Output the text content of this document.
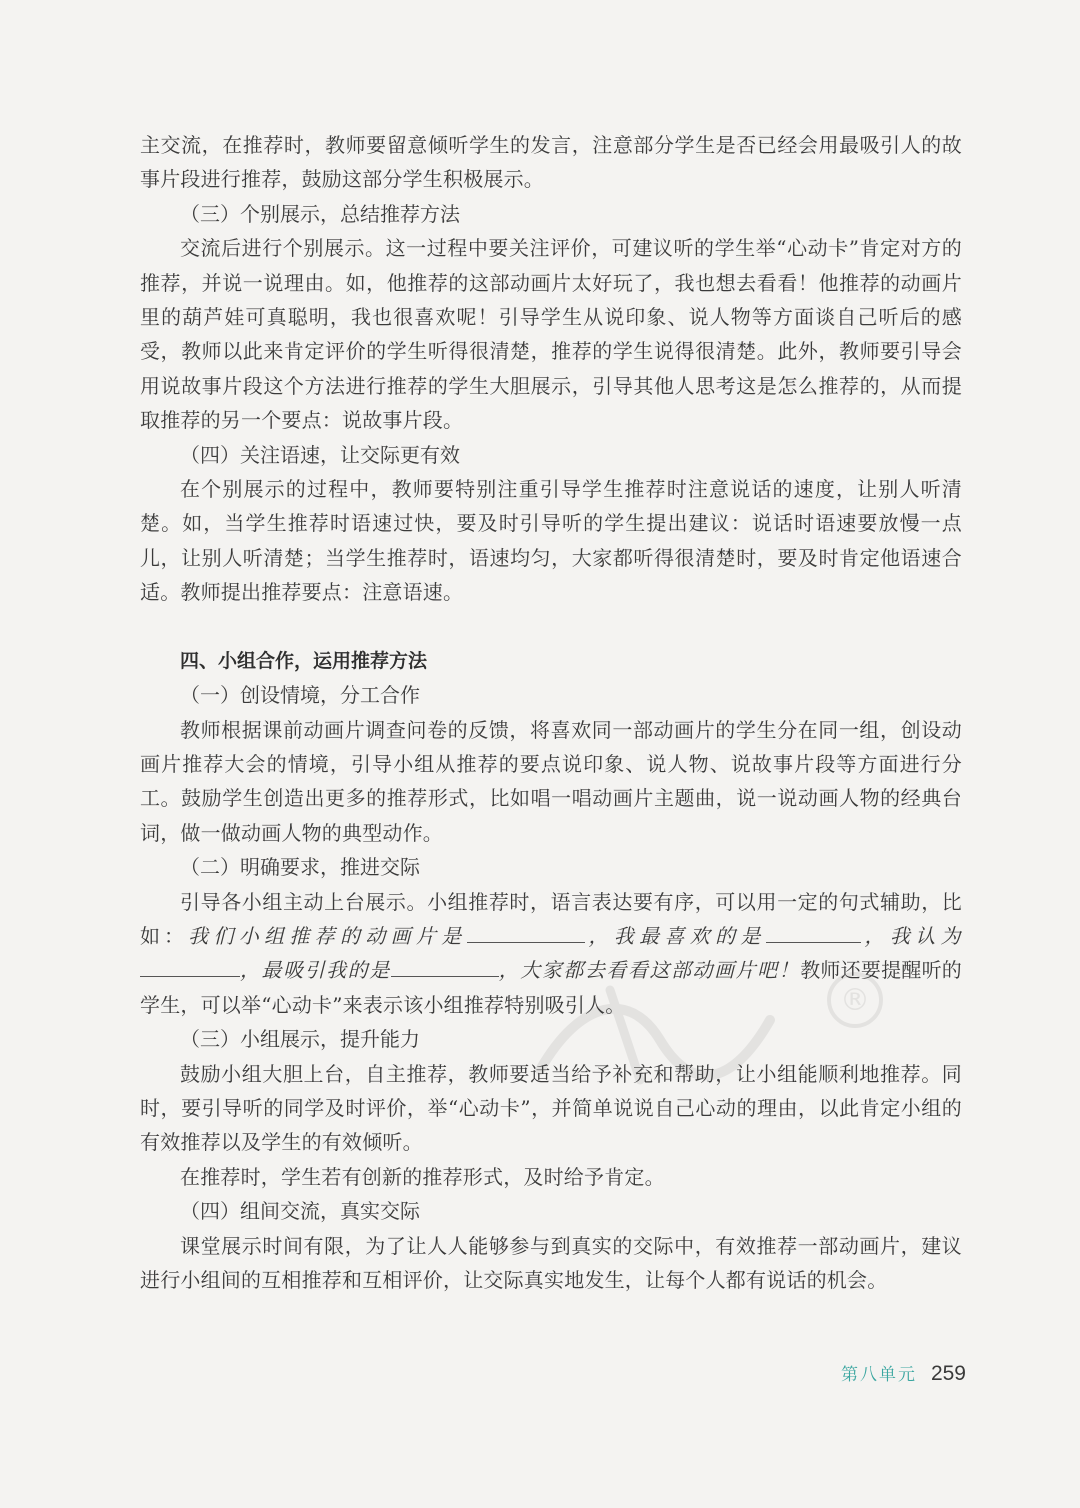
主交流，在推荐时，教师要留意倾听学生的发言，注意部分学生是否已经会用最吸引人的故事片段进行推荐，鼓励这部分学生积极展示。

（三）个别展示，总结推荐方法

交流后进行个别展示。这一过程中要关注评价，可建议听的学生举“心动卡”肯定对方的推荐，并说一说理由。如，他推荐的这部动画片太好玩了，我也想去看看！他推荐的动画片里的葫芦娃可真聪明，我也很喜欢呢！引导学生从说印象、说人物等方面谈自己听后的感受，教师以此来肯定评价的学生听得很清楚，推荐的学生说得很清楚。此外，教师要引导会用说故事片段这个方法进行推荐的学生大胆展示，引导其他人思考这是怎么推荐的，从而提取推荐的另一个要点：说故事片段。

（四）关注语速，让交际更有效

在个别展示的过程中，教师要特别注重引导学生推荐时注意说话的速度，让别人听清楚。如，当学生推荐时语速过快，要及时引导听的学生提出建议：说话时语速要放慢一点儿，让别人听清楚；当学生推荐时，语速均匀，大家都听得很清楚时，要及时肯定他语速合适。教师提出推荐要点：注意语速。

四、小组合作，运用推荐方法

（一）创设情境，分工合作

教师根据课前动画片调查问卷的反馈，将喜欢同一部动画片的学生分在同一组，创设动画片推荐大会的情境，引导小组从推荐的要点说印象、说人物、说故事片段等方面进行分工。鼓励学生创造出更多的推荐形式，比如唱一唱动画片主题曲，说一说动画人物的经典台词，做一做动画人物的典型动作。

（二）明确要求，推进交际

引导各小组主动上台展示。小组推荐时，语言表达要有序，可以用一定的句式辅助，比如：我们小组推荐的动画片是	，我最喜欢的是	，我认为，最吸引我的是	，大家都去看看这部动画片吧！教师还要提醒听的学生，可以举“心动卡”来表示该小组推荐特别吸引人。

（三）小组展示，提升能力

鼓励小组大胆上台，自主推荐，教师要适当给予补充和帮助，让小组能顺利地推荐。同时，要引导听的同学及时评价，举“心动卡”，并简单说说自己心动的理由，以此肯定小组的有效推荐以及学生的有效倾听。

在推荐时，学生若有创新的推荐形式，及时给予肯定。

（四）组间交流，真实交际

课堂展示时间有限，为了让人人能够参与到真实的交际中，有效推荐一部动画片，建议进行小组间的互相推荐和互相评价，让交际真实地发生，让每个人都有说话的机会。

®
第八单元 259
